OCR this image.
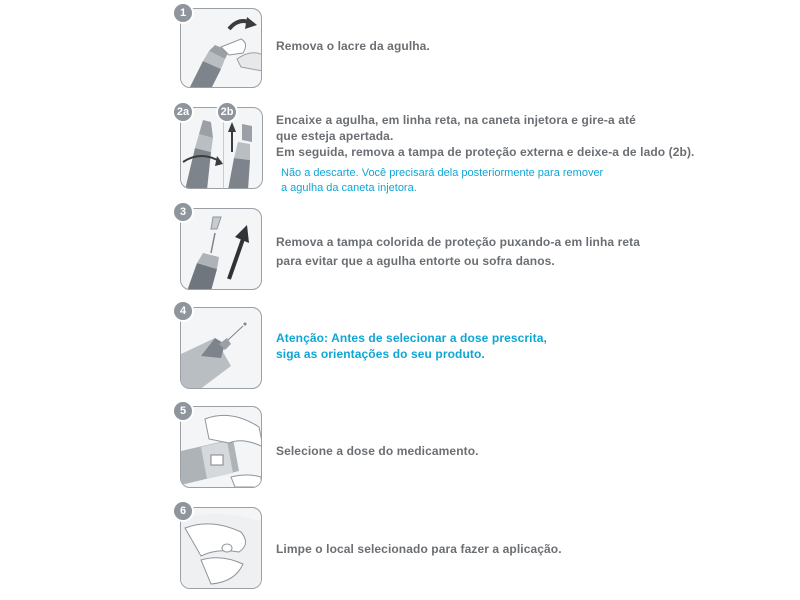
1
Remova o lacre da agulha.
2a	2b
Encaixe a agulha, em linha reta, na caneta injetora e gire-a até
que esteja apertada.
Em seguida, remova a tampa de proteção externa e deixe-a de lado (2b).
Não a descarte. Você precisará dela posteriormente para remover
a agulha da caneta injetora.
3
Remova a tampa colorida de proteção puxando-a em linha reta
para evitar que a agulha entorte ou sofra danos.
4
Atenção: Antes de selecionar a dose prescrita,
siga as orientações do seu produto.
5
Selecione a dose do medicamento.
6
Limpe o local selecionado para fazer a aplicação.
